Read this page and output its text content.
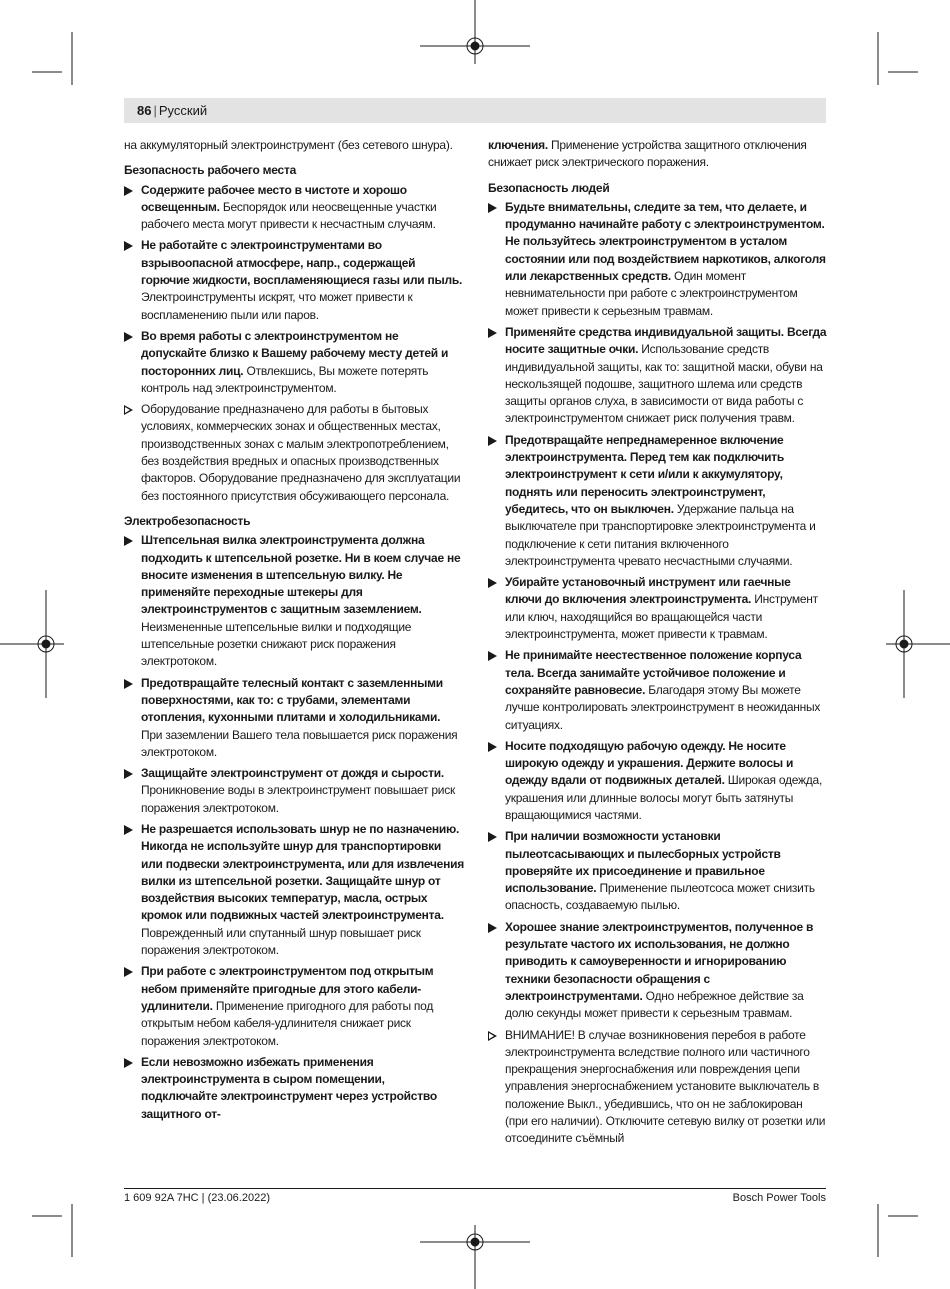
86 | Русский

на аккумуляторный электроинструмент (без сетевого шнура).

Безопасность рабочего места
Содержите рабочее место в чистоте и хорошо освещенным. Беспорядок или неосвещенные участки рабочего места могут привести к несчастным случаям.
Не работайте с электроинструментами во взрывоопасной атмосфере, напр., содержащей горючие жидкости, воспламеняющиеся газы или пыль. Электроинструменты искрят, что может привести к воспламенению пыли или паров.
Во время работы с электроинструментом не допускайте близко к Вашему рабочему месту детей и посторонних лиц. Отвлекшись, Вы можете потерять контроль над электроинструментом.
Оборудование предназначено для работы в бытовых условиях, коммерческих зонах и общественных местах, производственных зонах с малым электропотреблением, без воздействия вредных и опасных производственных факторов. Оборудование предназначено для эксплуатации без постоянного присутствия обсуживающего персонала.
Электробезопасность
Штепсельная вилка электроинструмента должна подходить к штепсельной розетке. Ни в коем случае не вносите изменения в штепсельную вилку. Не применяйте переходные штекеры для электроинструментов с защитным заземлением. Неизмененные штепсельные вилки и подходящие штепсельные розетки снижают риск поражения электротоком.
Предотвращайте телесный контакт с заземленными поверхностями, как то: с трубами, элементами отопления, кухонными плитами и холодильниками. При заземлении Вашего тела повышается риск поражения электротоком.
Защищайте электроинструмент от дождя и сырости. Проникновение воды в электроинструмент повышает риск поражения электротоком.
Не разрешается использовать шнур не по назначению. Никогда не используйте шнур для транспортировки или подвески электроинструмента, или для извлечения вилки из штепсельной розетки. Защищайте шнур от воздействия высоких температур, масла, острых кромок или подвижных частей электроинструмента. Поврежденный или спутанный шнур повышает риск поражения электротоком.
При работе с электроинструментом под открытым небом применяйте пригодные для этого кабели-удлинители. Применение пригодного для работы под открытым небом кабеля-удлинителя снижает риск поражения электротоком.
Если невозможно избежать применения электроинструмента в сыром помещении, подключайте электроинструмент через устройство защитного от-

ключения. Применение устройства защитного отключения снижает риск электрического поражения.

Безопасность людей
Будьте внимательны, следите за тем, что делаете, и продуманно начинайте работу с электроинструментом. Не пользуйтесь электроинструментом в усталом состоянии или под воздействием наркотиков, алкоголя или лекарственных средств. Один момент невнимательности при работе с электроинструментом может привести к серьезным травмам.
Применяйте средства индивидуальной защиты. Всегда носите защитные очки. Использование средств индивидуальной защиты, как то: защитной маски, обуви на нескользящей подошве, защитного шлема или средств защиты органов слуха, в зависимости от вида работы с электроинструментом снижает риск получения травм.
Предотвращайте непреднамеренное включение электроинструмента. Перед тем как подключить электроинструмент к сети и/или к аккумулятору, поднять или переносить электроинструмент, убедитесь, что он выключен. Удержание пальца на выключателе при транспортировке электроинструмента и подключение к сети питания включенного электроинструмента чревато несчастными случаями.
Убирайте установочный инструмент или гаечные ключи до включения электроинструмента. Инструмент или ключ, находящийся во вращающейся части электроинструмента, может привести к травмам.
Не принимайте неестественное положение корпуса тела. Всегда занимайте устойчивое положение и сохраняйте равновесие. Благодаря этому Вы можете лучше контролировать электроинструмент в неожиданных ситуациях.
Носите подходящую рабочую одежду. Не носите широкую одежду и украшения. Держите волосы и одежду вдали от подвижных деталей. Широкая одежда, украшения или длинные волосы могут быть затянуты вращающимися частями.
При наличии возможности установки пылеотсасывающих и пылесборных устройств проверяйте их присоединение и правильное использование. Применение пылеотсоса может снизить опасность, создаваемую пылью.
Хорошее знание электроинструментов, полученное в результате частого их использования, не должно приводить к самоуверенности и игнорированию техники безопасности обращения с электроинструментами. Одно небрежное действие за долю секунды может привести к серьезным травмам.
ВНИМАНИЕ! В случае возникновения перебоя в работе электроинструмента вследствие полного или частичного прекращения энергоснабжения или повреждения цепи управления энергоснабжением установите выключатель в положение Выкл., убедившись, что он не заблокирован (при его наличии). Отключите сетевую вилку от розетки или отсоедините съёмный
1 609 92A 7HC | (23.06.2022)	Bosch Power Tools
